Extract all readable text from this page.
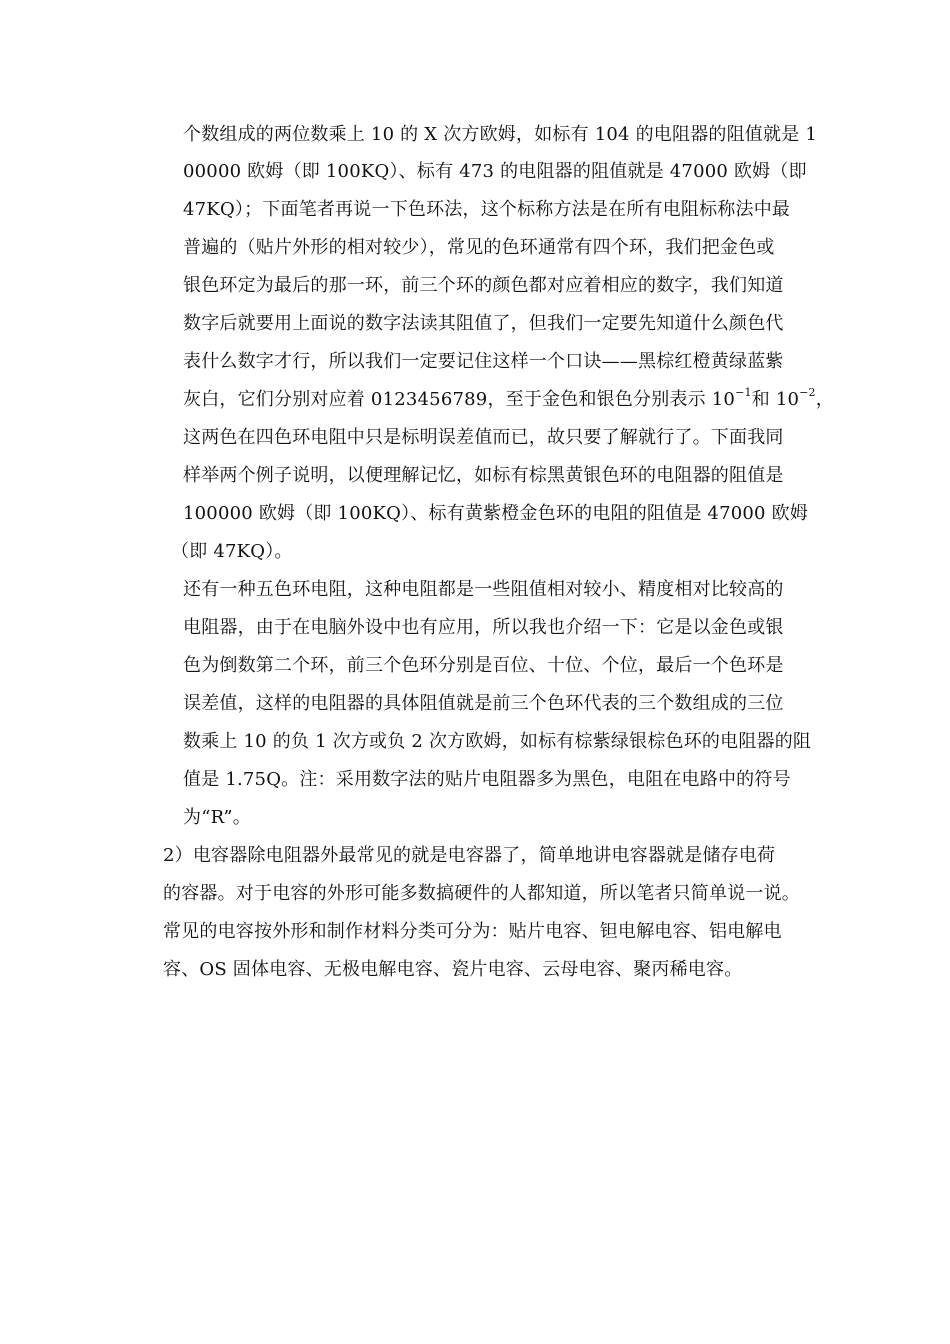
个数组成的两位数乘上 10 的 X 次方欧姆，如标有 104 的电阻器的阻值就是 1
00000 欧姆（即 100KQ）、标有 473 的电阻器的阻值就是 47000 欧姆（即
47KQ）；下面笔者再说一下色环法，这个标称方法是在所有电阻标称法中最
普遍的（贴片外形的相对较少），常见的色环通常有四个环，我们把金色或
银色环定为最后的那一环，前三个环的颜色都对应着相应的数字，我们知道
数字后就要用上面说的数字法读其阻值了，但我们一定要先知道什么颜色代
表什么数字才行，所以我们一定要记住这样一个口诀——黑棕红橙黄绿蓝紫
灰白，它们分别对应着 0123456789，至于金色和银色分别表示 $10^{-1}$和 $10^{-2}$，
这两色在四色环电阻中只是标明误差值而已，故只要了解就行了。下面我同
样举两个例子说明，以便理解记忆，如标有棕黑黄银色环的电阻器的阻值是
100000 欧姆（即 100KQ）、标有黄紫橙金色环的电阻的阻值是 47000 欧姆
（即 47KQ）。
还有一种五色环电阻，这种电阻都是一些阻值相对较小、精度相对比较高的
电阻器，由于在电脑外设中也有应用，所以我也介绍一下：它是以金色或银
色为倒数第二个环，前三个色环分别是百位、十位、个位，最后一个色环是
误差值，这样的电阻器的具体阻值就是前三个色环代表的三个数组成的三位
数乘上 10 的负 1 次方或负 2 次方欧姆，如标有棕紫绿银棕色环的电阻器的阻
值是 1.75Q。注：采用数字法的贴片电阻器多为黑色，电阻在电路中的符号
为“R”。
2）电容器除电阻器外最常见的就是电容器了，简单地讲电容器就是储存电荷
的容器。对于电容的外形可能多数搞硬件的人都知道，所以笔者只简单说一说。
常见的电容按外形和制作材料分类可分为：贴片电容、钽电解电容、铝电解电
容、OS 固体电容、无极电解电容、瓷片电容、云母电容、聚丙稀电容。
